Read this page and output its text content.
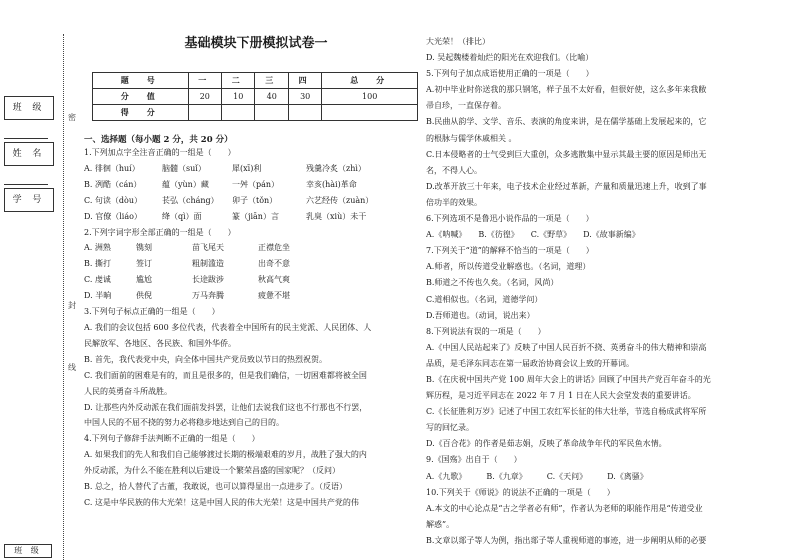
密
封
线
班 级
姓 名
学 号
班 级
基础模块下册模拟试卷一
题　号	一	二	三	四	总　分
分　值	20	10	40	30	100
得　分					
一、选择题（每小题 2 分，共 20 分）
1.下列加点字全注音正确的一组是（　　）
A. 徘徊（huí）	脑髓（suǐ）	犀(xī)利	残羹冷炙（zhì）
B. 冽酷（cán）	蕴（yùn）藏	一舛（pán）	幸亥(hài)革命
C. 句读（dòu）	苌弘（cháng）	卯子（tǒn）	六艺经传（zuàn）
D. 官僚（liáo）	绛（qì）面	篆（jiān）言	乳臭（xiù）未干
2.下列字词字形全部正确的一组是（　　）
A. 洲熟	镌刻	苗飞尾天	正襟危坐
B. 撕打	签订	粗制滥造	出奇不意
C. 虔诚	尴尬	长途跋涉	秋高气爽
D. 半晌	供倪	万马奔腾	疲惫不堪
3.下列句子标点正确的一组是（　　）
A. 我们的会议包括 600 多位代表，代表着全中国所有的民主党派、人民团体、人
民解放军、各地区、各民族、和国外华侨。
B. 首先，我代表党中央，向全体中国共产党员致以节日的热烈祝贺。
C. 我们面前的困难是有的，而且是很多的，但是我们确信，一切困难都将被全国
人民的英勇奋斗所战胜。
D. 让那些内外反动派在我们面前发抖罢，让他们去说我们这也不行那也不行罢，
中国人民的不屈不挠的努力必将稳步地达到自己的目的。
4.下列句子修辞手法判断不正确的一组是（　　）
A. 如果我们的先人和我们自己能够渡过长期的极端艰难的岁月，战胜了强大的内
外反动派，为什么不能在胜利以后建设一个繁荣昌盛的国家呢？（反问）
B. 总之，拾人替代了古董，我敢说，也可以算得显出一点进步了。（反语）
C. 这是中华民族的伟大光荣！这是中国人民的伟大光荣！这是中国共产党的伟
大光荣！（排比）
D. 吴起魏楼着灿烂的阳光在欢迎我们。（比喻）
5.下列句子加点成语使用正确的一项是（　　）
A.初中毕业时你送我的那只钢笔，样子虽不太好看，但很好使，这么多年来我敝
帚自珍，一直保存着。
B.民曲从韵学、文学、音乐、表演的角度来讲，是在儒学基础上发展起来的，它
的根脉与儒学休戚相关 。
C.日本侵略者的士气受到巨大重创，众多逃散集中显示其最主要的原因是师出无
名，不得人心。
D.改革开放三十年来，电子技术企业经过革新，产量和质量迅速上升，收到了事
倍功半的效果。
6.下列选项不是鲁迅小说作品的一项是（　　）
A.《呐喊》　　B.《彷徨》　　C.《野草》　　D.《故事新编》
7.下列关于“道”的解释不恰当的一项是（　　）
A.师者，所以传道受业解惑也。（名词，道理）
B.师道之不传也久矣。（名词，风尚）
C.道相似也。（名词，道德学问）
D.吾师道也。（动词，说出来）
8.下列说法有误的一项是（　　）
A.《中国人民站起来了》反映了中国人民百折不挠、英勇奋斗的伟大精神和崇高
品质，是毛泽东同志在第一届政治协商会议上致的开幕词。
B.《在庆祝中国共产党 100 周年大会上的讲话》回顾了中国共产党百年奋斗的光
辉历程，是习近平同志在 2022 年 7 月 1 日在人民大会堂发表的重要讲话。
C.《长征胜利万岁》记述了中国工农红军长征的伟大壮举，节选自杨成武将军所
写的回忆录。
D.《百合花》的作者是茹志娟，反映了革命战争年代的军民鱼水情。
9.《国殇》出自于（　　）
A.《九歌》　　　B.《九章》　　　C.《天问》　　　D.《离骚》
10.下列关于《师说》的说法不正确的一项是（　　）
A.本文的中心论点是“古之学者必有师”，作者认为老师的职能作用是“传道受业
解惑”。
B.文章以郯子等人为例，指出郯子等人重视师道的事迹，进一步阐明从师的必要
